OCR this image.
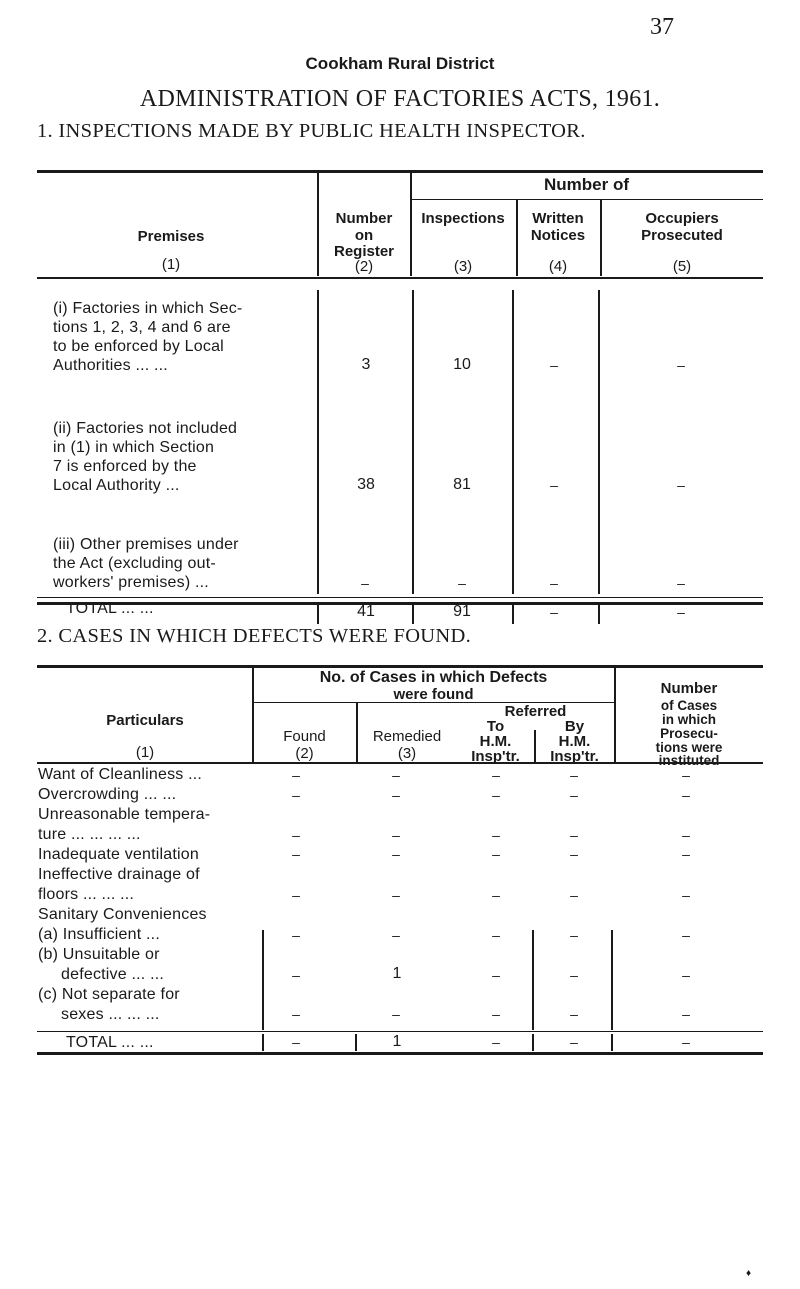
37
Cookham Rural District
ADMINISTRATION OF FACTORIES ACTS, 1961.
1. INSPECTIONS MADE BY PUBLIC HEALTH INSPECTOR.
Premises
(1)
Number of
Number
on
Register
(2)
Inspections
(3)
Written
Notices
(4)
Occupiers
Prosecuted
(5)
(i) Factories in which Sec-
tions 1, 2, 3, 4 and 6 are
to be enforced by Local
Authorities ... ...	3	10	–	–
(ii) Factories not included
in (1) in which Section
7 is enforced by the
Local Authority ...	38	81	–	–
(iii) Other premises under
the Act (excluding out-
workers' premises) ...	–	–	–	–
TOTAL ... ...	41	91	–	–
2. CASES IN WHICH DEFECTS WERE FOUND.
Particulars
(1)
No. of Cases in which Defects
were found
Found
(2)
Remedied
(3)
Referred
To
H.M.
Insp'tr.
By
H.M.
Insp'tr.
Number
of Cases
in which
Prosecu-
tions were
instituted
Want of Cleanliness ...	–	–	–	–	–
Overcrowding ... ...	–	–	–	–	–
Unreasonable tempera-
ture ... ... ... ...	–	–	–	–	–
Inadequate ventilation	–	–	–	–	–
Ineffective drainage of
floors ... ... ...	–	–	–	–	–
Sanitary Conveniences
(a) Insufficient ...	–	–	–	–	–
(b) Unsuitable or
defective ... ...	–	1	–	–	–
(c) Not separate for
sexes ... ... ...	–	–	–	–	–
TOTAL ... ...	–	1	–	–	–
♦
